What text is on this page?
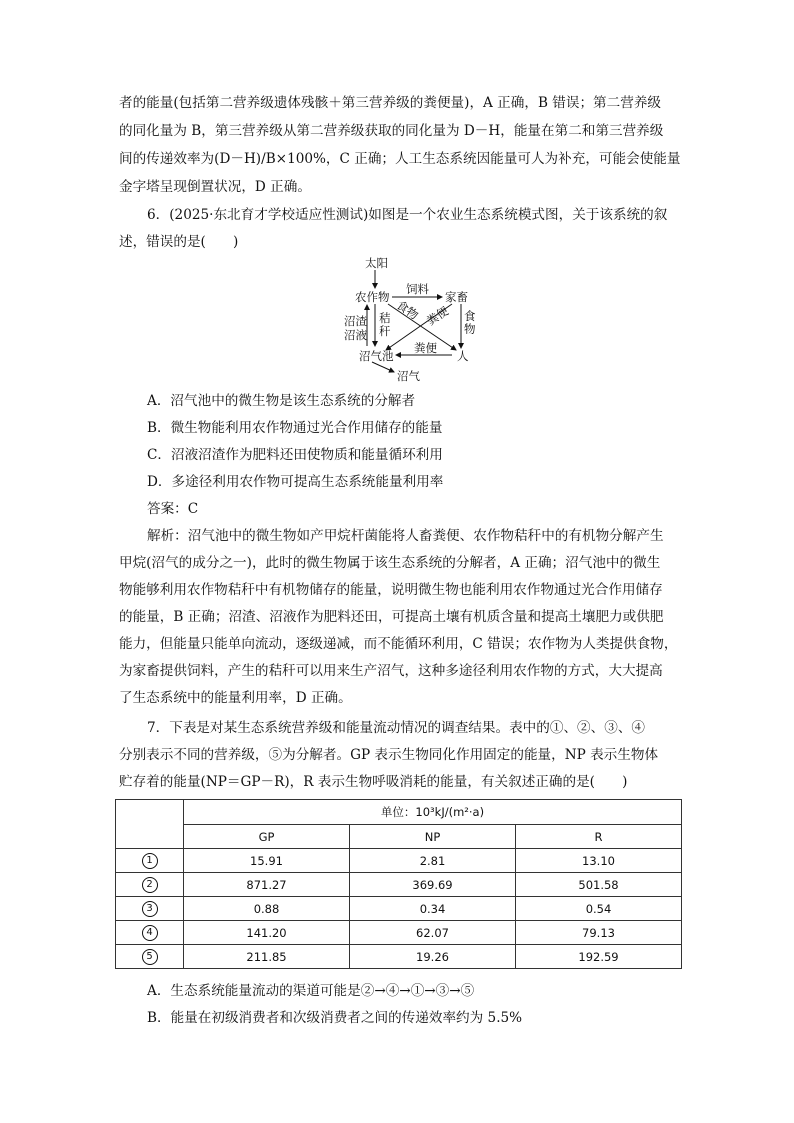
者的能量(包括第二营养级遗体残骸＋第三营养级的粪便量)，A 正确，B 错误；第二营养级
的同化量为 B，第三营养级从第二营养级获取的同化量为 D－H，能量在第二和第三营养级
间的传递效率为(D－H)/B×100%，C 正确；人工生态系统因能量可人为补充，可能会使能量
金字塔呈现倒置状况，D 正确。
6．(2025·东北育才学校适应性测试)如图是一个农业生态系统模式图，关于该系统的叙
述，错误的是(　　)
太阳
农作物	家畜
饲料
食物 粪便 食物
秸秆
沼渣
沼液
沼气池	人
粪便
沼气
A．沼气池中的微生物是该生态系统的分解者
B．微生物能利用农作物通过光合作用储存的能量
C．沼液沼渣作为肥料还田使物质和能量循环利用
D．多途径利用农作物可提高生态系统能量利用率
答案：C
解析：沼气池中的微生物如产甲烷杆菌能将人畜粪便、农作物秸秆中的有机物分解产生
甲烷(沼气的成分之一)，此时的微生物属于该生态系统的分解者，A 正确；沼气池中的微生
物能够利用农作物秸秆中有机物储存的能量，说明微生物也能利用农作物通过光合作用储存
的能量，B 正确；沼渣、沼液作为肥料还田，可提高土壤有机质含量和提高土壤肥力或供肥
能力，但能量只能单向流动，逐级递减，而不能循环利用，C 错误；农作物为人类提供食物，
为家畜提供饲料，产生的秸秆可以用来生产沼气，这种多途径利用农作物的方式，大大提高
了生态系统中的能量利用率，D 正确。
7．下表是对某生态系统营养级和能量流动情况的调查结果。表中的①、②、③、④
分别表示不同的营养级，⑤为分解者。GP 表示生物同化作用固定的能量，NP 表示生物体
贮存着的能量(NP＝GP－R)，R 表示生物呼吸消耗的能量，有关叙述正确的是(　　)
	单位：10³kJ/(m²·a)		
	GP	NP	R
1	15.91	2.81	13.10
2	871.27	369.69	501.58
3	0.88	0.34	0.54
4	141.20	62.07	79.13
5	211.85	19.26	192.59
A．生态系统能量流动的渠道可能是②→④→①→③→⑤
B．能量在初级消费者和次级消费者之间的传递效率约为 5.5%
